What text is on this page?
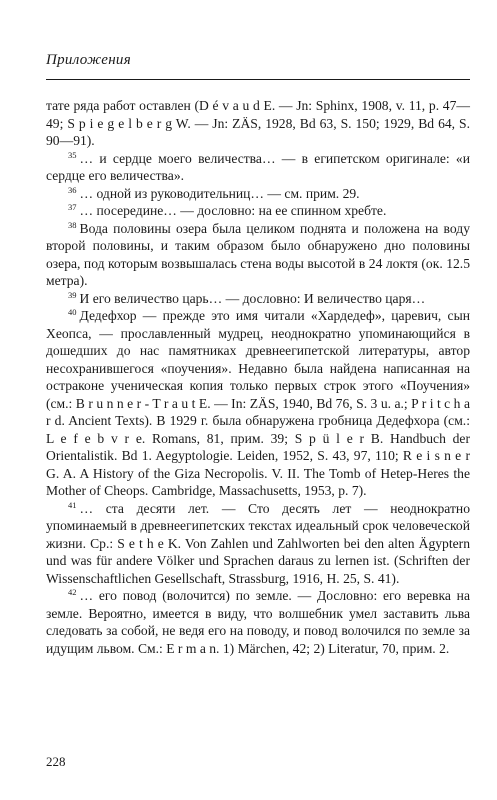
Приложения

тате ряда работ оставлен (D é v a u d E. — Jn: Sphinx, 1908, v. 11, p. 47—49; S p i e g e l b e r g W. — Jn: ZÄS, 1928, Bd 63, S. 150; 1929, Bd 64, S. 90—91).

$^{35}$ … и сердце моего величества… — в египетском оригинале: «и сердце его величества».

$^{36}$ … одной из руководительниц… — см. прим. 29.

$^{37}$ … посередине… — дословно: на ее спинном хребте.

$^{38}$ Вода половины озера была целиком поднята и положена на воду второй половины, и таким образом было обнаружено дно половины озера, под которым возвышалась стена воды высотой в 24 локтя (ок. 12.5 метра).

$^{39}$ И его величество царь… — дословно: И величество царя…

$^{40}$ Дедефхор — прежде это имя читали «Хардедеф», царевич, сын Хеопса, — прославленный мудрец, неоднократно упоминающийся в дошедших до нас памятниках древнеегипетской литературы, автор несохранившегося «поучения». Недавно была найдена написанная на остраконе ученическая копия только первых строк этого «Поучения» (см.: B r u n n e r - T r a u t E. — In: ZÄS, 1940, Bd 76, S. 3 u. a.; P r i t c h a r d. Ancient Texts). В 1929 г. была обнаружена гробница Дедефхора (см.: L e f e b v r e. Romans, 81, прим. 39; S p ü l e r B. Handbuch der Orientalistik. Bd 1. Aegyptologie. Leiden, 1952, S. 43, 97, 110; R e i s n e r G. A. A History of the Giza Necropolis. V. II. The Tomb of Hetep-Heres the Mother of Cheops. Cambridge, Massachusetts, 1953, p. 7).

$^{41}$ … ста десяти лет. — Сто десять лет — неоднократно упоминаемый в древнеегипетских текстах идеальный срок человеческой жизни. Ср.: S e t h e K. Von Zahlen und Zahlworten bei den alten Ägyptern und was für andere Völker und Sprachen daraus zu lernen ist. (Schriften der Wissenschaftlichen Gesellschaft, Strassburg, 1916, H. 25, S. 41).

$^{42}$ … его повод (волочится) по земле. — Дословно: его веревка на земле. Вероятно, имеется в виду, что волшебник умел заставить льва следовать за собой, не ведя его на поводу, и повод волочился по земле за идущим львом. См.: E r m a n. 1) Märchen, 42; 2) Literatur, 70, прим. 2.

228
